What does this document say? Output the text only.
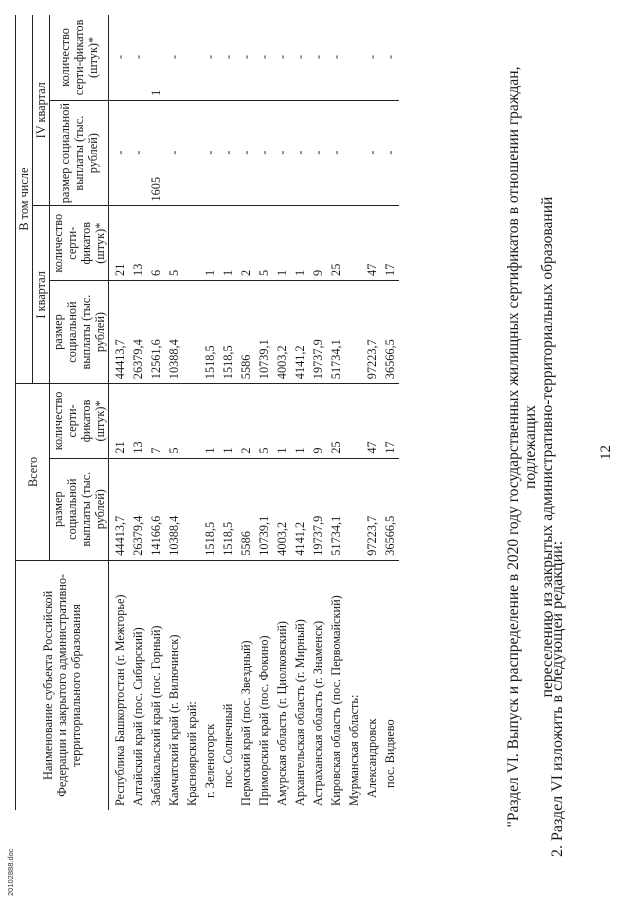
12
2. Раздел VI изложить в следующей редакции:
"Раздел VI. Выпуск и распределение в 2020 году государственных жилищных сертификатов в отношении граждан, подлежащих переселению из закрытых административно-территориальных образований
Наименование субъекта Российской Федерации и закрытого административно-территориального образования	Всего		В том числе			
			I квартал		IV квартал	
	размер социальной выплаты (тыс. рублей)	количество серти-фикатов (штук)*	размер социальной выплаты (тыс. рублей)	количество серти-фикатов (штук)*	размер социальной выплаты (тыс. рублей)	количество серти-фикатов (штук)*

Республика Башкортостан (г. Межгорье)	44413,7	21	44413,7	21	-	-
Алтайский край (пос. Сибирский)	26379,4	13	26379,4	13	-	-
Забайкальский край (пос. Горный)	14166,6	7	12561,6	6	1605	1
Камчатский край (г. Вилючинск)	10388,4	5	10388,4	5	-	-
Красноярский край:						
г. Зеленогорск	1518,5	1	1518,5	1	-	-
пос. Солнечный	1518,5	1	1518,5	1	-	-
Пермский край (пос. Звездный)	5586	2	5586	2	-	-
Приморский край (пос. Фокино)	10739,1	5	10739,1	5	-	-
Амурская область (г. Циолковский)	4003,2	1	4003,2	1	-	-
Архангельская область (г. Мирный)	4141,2	1	4141,2	1	-	-
Астраханская область (г. Знаменск)	19737,9	9	19737,9	9	-	-
Кировская область (пос. Первомайский)	51734,1	25	51734,1	25	-	-
Мурманская область:						
Александровск	97223,7	47	97223,7	47	-	-
пос. Видяево	36566,5	17	36566,5	17	-	-
20102888.doc
